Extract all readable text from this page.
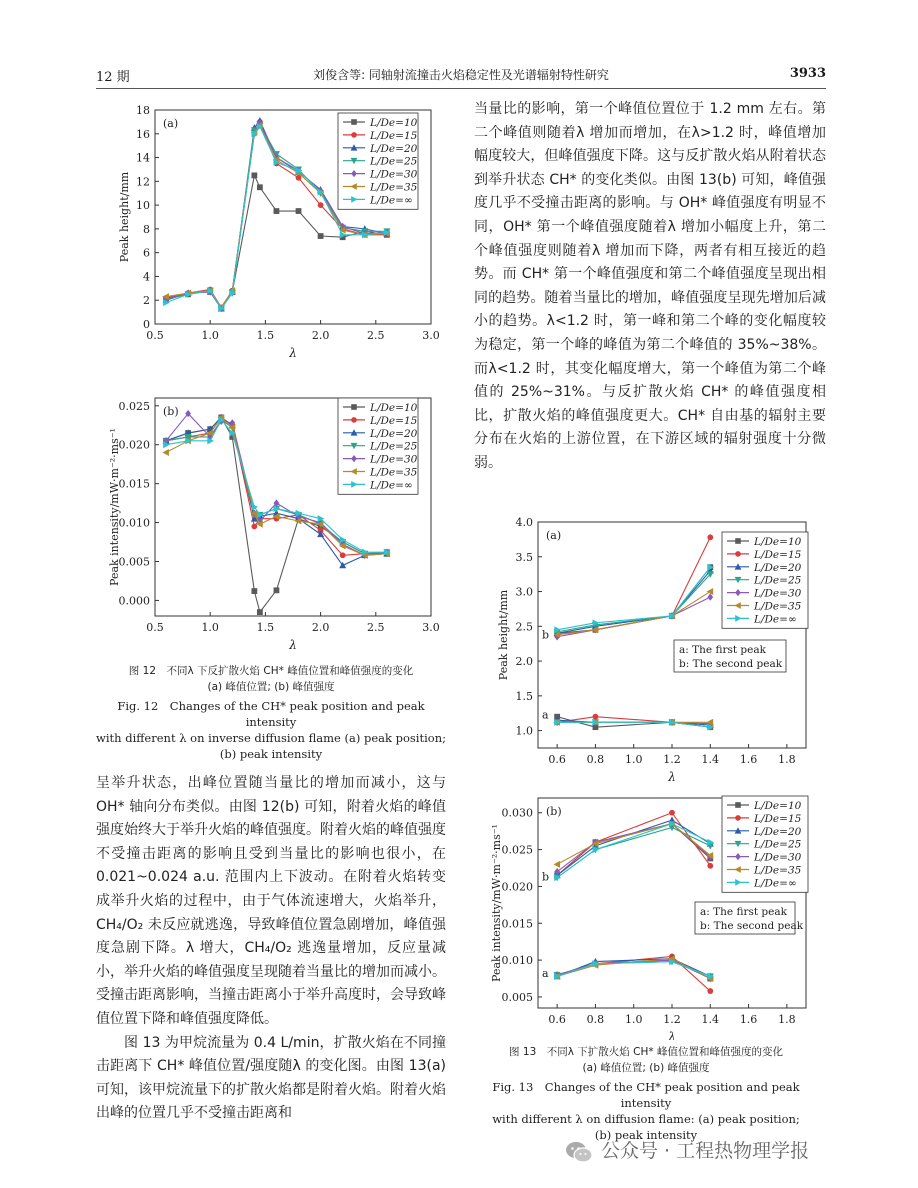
12 期	刘俊含等: 同轴射流撞击火焰稳定性及光谱辐射特性研究	3933
0.5	1.0	1.5	2.0	2.5	3.0
0
2
4
6
8
10
12
14
16
18
λ
Peak height/mm
(a)	L/De=10
L/De=15
L/De=20
L/De=25
L/De=30
L/De=35
L/De=∞
0.5	1.0	1.5	2.0	2.5	3.0
0.000
0.005
0.010
0.015
0.020
0.025
λ
Peak intensity/mW·m⁻²·ms⁻¹
(b)	L/De=10
L/De=15
L/De=20
L/De=25
L/De=30
L/De=35
L/De=∞
图 12　不同λ 下反扩散火焰 CH* 峰值位置和峰值强度的变化
(a) 峰值位置; (b) 峰值强度
Fig. 12　Changes of the CH* peak position and peak intensity
with different λ on inverse diffusion flame (a) peak position;
(b) peak intensity

呈举升状态，出峰位置随当量比的增加而减小，这与 OH* 轴向分布类似。由图 12(b) 可知，附着火焰的峰值强度始终大于举升火焰的峰值强度。附着火焰的峰值强度不受撞击距离的影响且受到当量比的影响也很小，在 0.021~0.024 a.u. 范围内上下波动。在附着火焰转变成举升火焰的过程中，由于气体流速增大，火焰举升，CH₄/O₂ 未反应就逃逸，导致峰值位置急剧增加，峰值强度急剧下降。λ 增大，CH₄/O₂ 逃逸量增加，反应量减小，举升火焰的峰值强度呈现随着当量比的增加而减小。受撞击距离影响，当撞击距离小于举升高度时，会导致峰值位置下降和峰值强度降低。

图 13 为甲烷流量为 0.4 L/min，扩散火焰在不同撞击距离下 CH* 峰值位置/强度随λ 的变化图。由图 13(a) 可知，该甲烷流量下的扩散火焰都是附着火焰。附着火焰出峰的位置几乎不受撞击距离和

当量比的影响，第一个峰值位置位于 1.2 mm 左右。第二个峰值则随着λ 增加而增加，在λ>1.2 时，峰值增加幅度较大，但峰值强度下降。这与反扩散火焰从附着状态到举升状态 CH* 的变化类似。由图 13(b) 可知，峰值强度几乎不受撞击距离的影响。与 OH* 峰值强度有明显不同，OH* 第一个峰值强度随着λ 增加小幅度上升，第二个峰值强度则随着λ 增加而下降，两者有相互接近的趋势。而 CH* 第一个峰值强度和第二个峰值强度呈现出相同的趋势。随着当量比的增加，峰值强度呈现先增加后减小的趋势。λ<1.2 时，第一峰和第二个峰的变化幅度较为稳定，第一个峰的峰值为第二个峰值的 35%~38%。而λ<1.2 时，其变化幅度增大，第一个峰值为第二个峰值的 25%~31%。与反扩散火焰 CH* 的峰值强度相比，扩散火焰的峰值强度更大。CH* 自由基的辐射主要分布在火焰的上游位置，在下游区域的辐射强度十分微弱。

0.6 0.8 1.0 1.2 1.4 1.6 1.8
1.0
1.5
2.0
2.5
3.0
3.5
4.0
λ
Peak height/mm
(a)
b
a
L/De=10
L/De=15
L/De=20
L/De=25
L/De=30
L/De=35
L/De=∞
a: The first peak
b: The second peak
0.6 0.8 1.0 1.2 1.4 1.6 1.8
0.005
0.010
0.015
0.020
0.025
0.030
λ
Peak intensity/mW·m⁻²·ms⁻¹
(b)
b
a
L/De=10
L/De=15
L/De=20
L/De=25
L/De=30
L/De=35
L/De=∞
a: The first peak
b: The second peak
图 13　不同λ 下扩散火焰 CH* 峰值位置和峰值强度的变化
(a) 峰值位置; (b) 峰值强度
Fig. 13　Changes of the CH* peak position and peak intensity
with different λ on diffusion flame: (a) peak position;
(b) peak intensity
公众号 · 工程热物理学报
